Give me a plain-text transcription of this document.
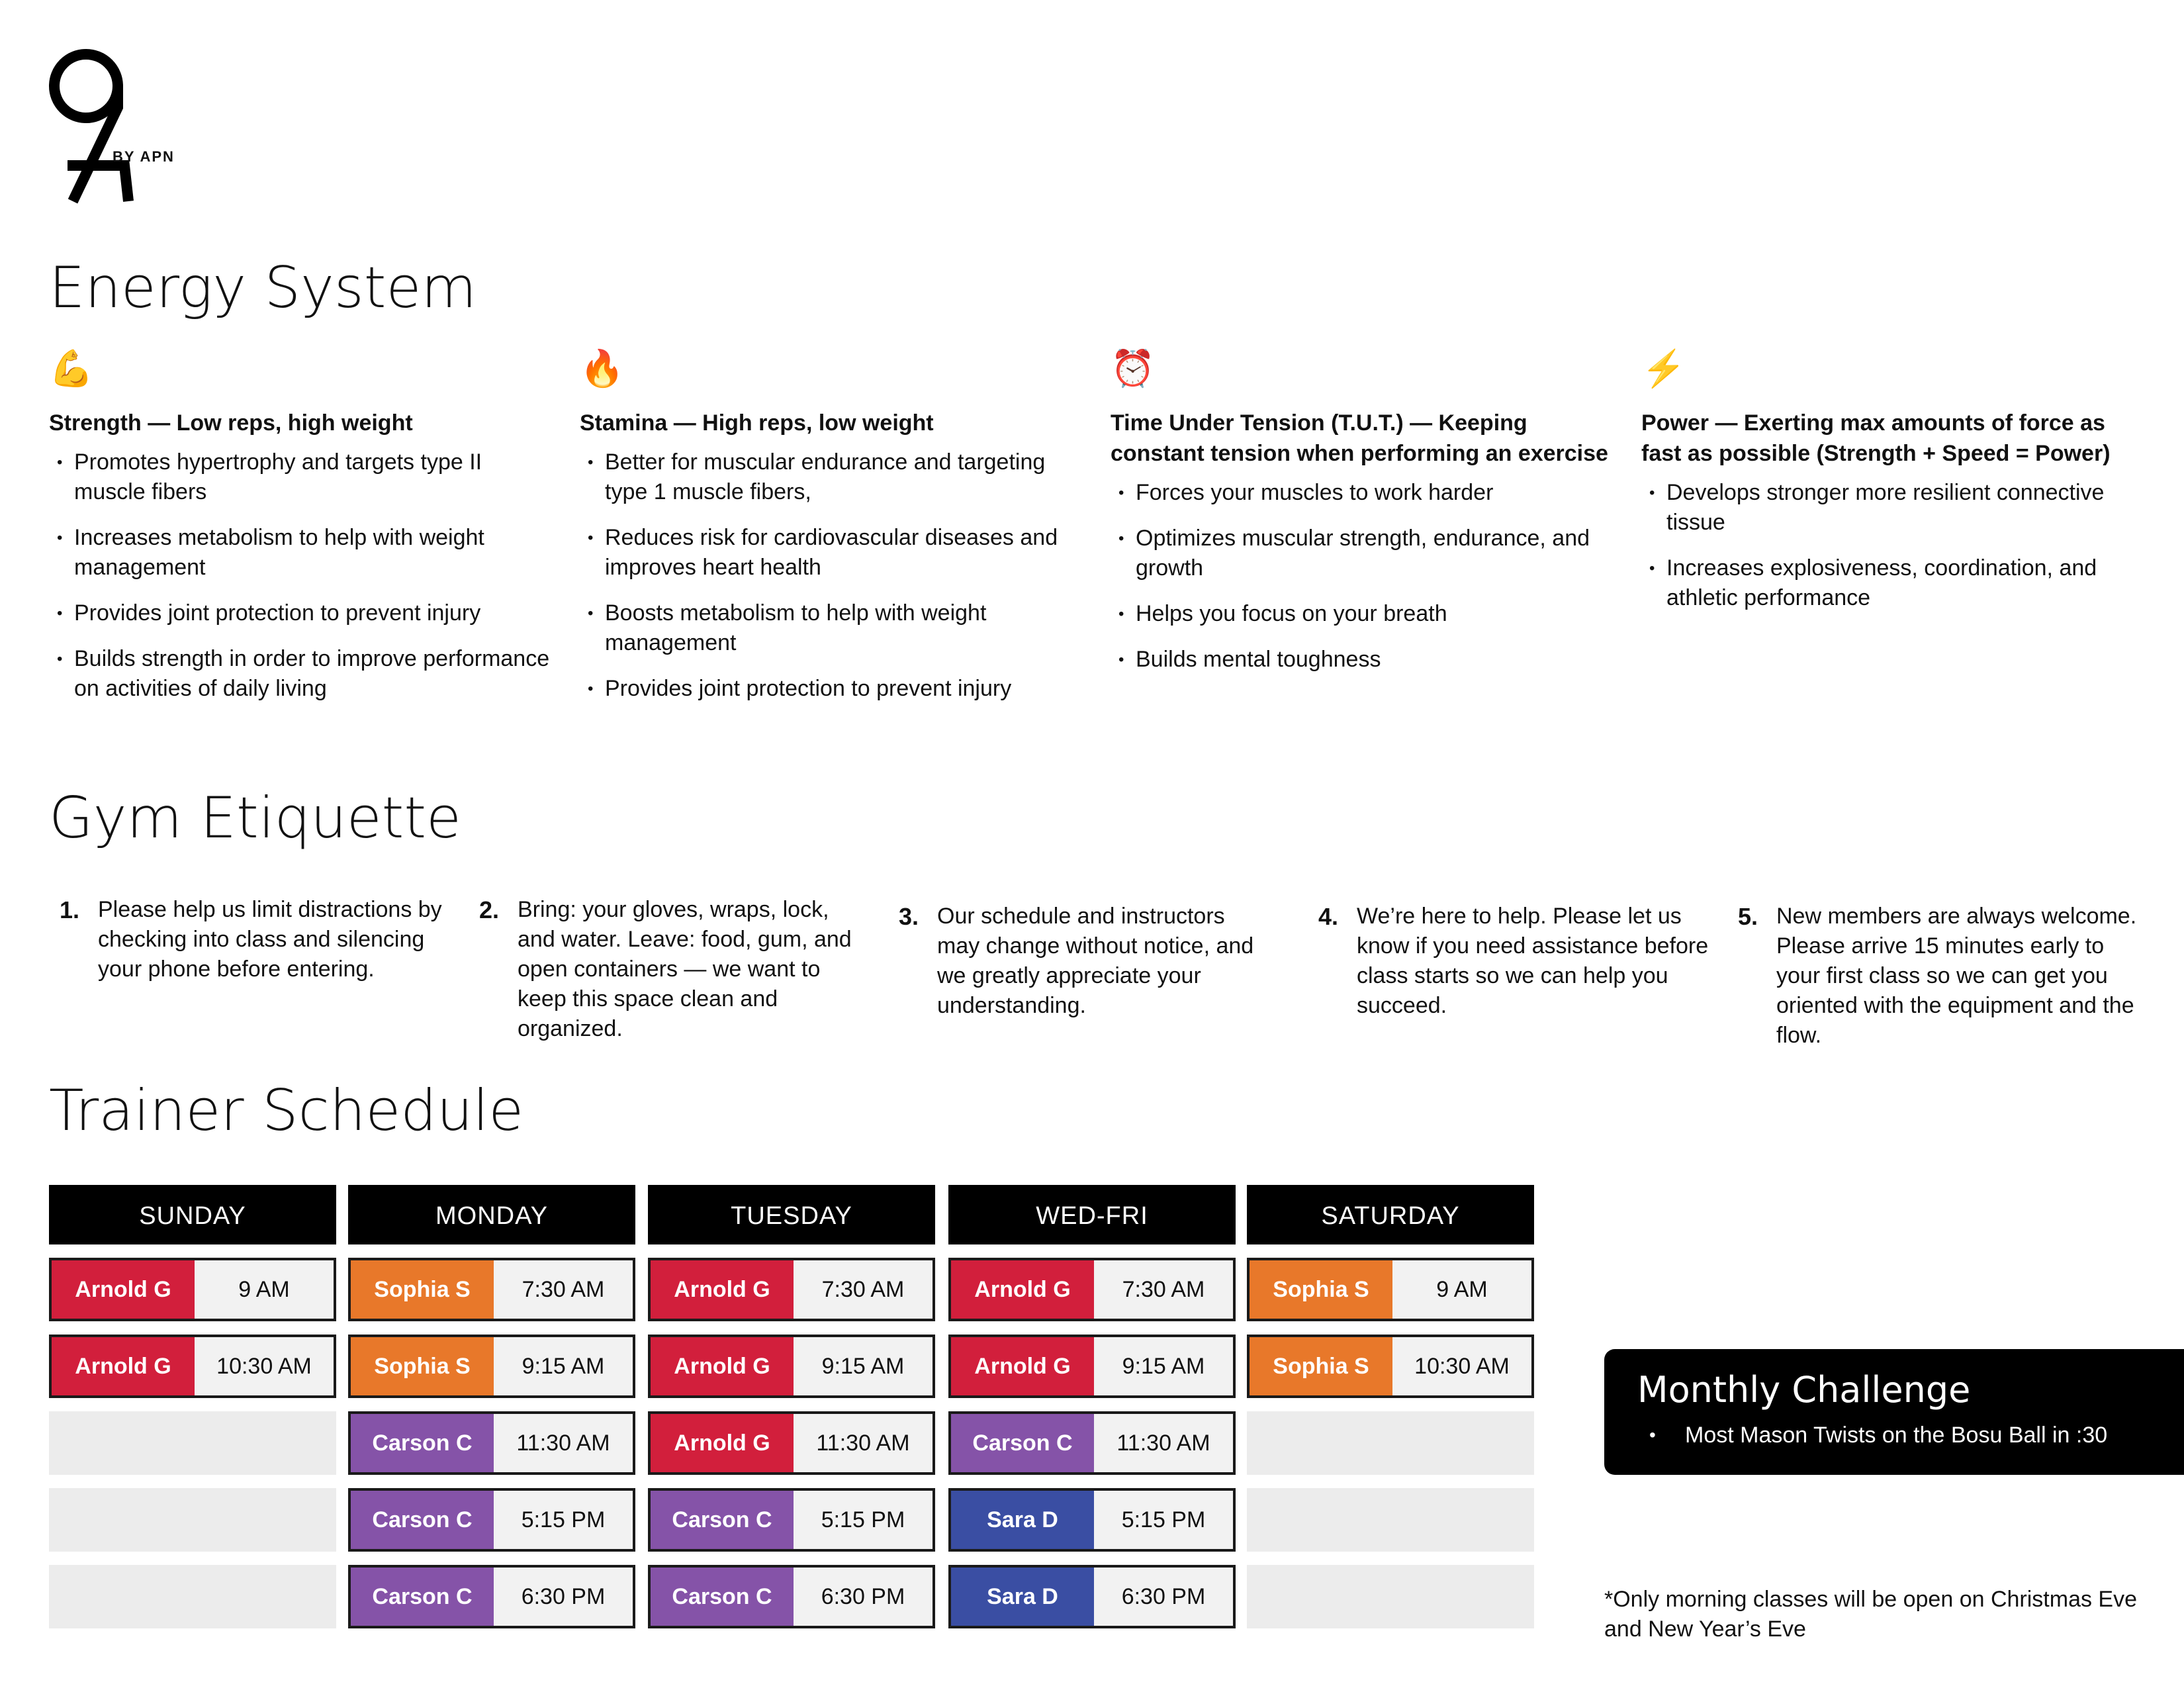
BY APN
Energy System
💪
Strength — Low reps, high weight
• Promotes hypertrophy and targets type II muscle fibers
• Increases metabolism to help with weight management
• Provides joint protection to prevent injury
• Builds strength in order to improve performance on activities of daily living
🔥
Stamina — High reps, low weight
• Better for muscular endurance and targeting type 1 muscle fibers,
• Reduces risk for cardiovascular diseases and improves heart health
• Boosts metabolism to help with weight management
• Provides joint protection to prevent injury
⏰
Time Under Tension (T.U.T.) — Keeping constant tension when performing an exercise
• Forces your muscles to work harder
• Optimizes muscular strength, endurance, and growth
• Helps you focus on your breath
• Builds mental toughness
⚡
Power — Exerting max amounts of force as fast as possible (Strength + Speed = Power)
• Develops stronger more resilient connective tissue
• Increases explosiveness, coordination, and athletic performance
Gym Etiquette
1. Please help us limit distractions by checking into class and silencing your phone before entering.
2. Bring: your gloves, wraps, lock, and water. Leave: food, gum, and open containers — we want to keep this space clean and organized.
3. Our schedule and instructors may change without notice, and we greatly appreciate your understanding.
4. We’re here to help. Please let us know if you need assistance before class starts so we can help you succeed.
5. New members are always welcome. Please arrive 15 minutes early to your first class so we can get you oriented with the equipment and the flow.
Trainer Schedule
SUNDAY
Arnold G	9 AM
Arnold G	10:30 AM
MONDAY
Sophia S	7:30 AM
Sophia S	9:15 AM
Carson C	11:30 AM
Carson C	5:15 PM
Carson C	6:30 PM
TUESDAY
Arnold G	7:30 AM
Arnold G	9:15 AM
Arnold G	11:30 AM
Carson C	5:15 PM
Carson C	6:30 PM
WED-FRI
Arnold G	7:30 AM
Arnold G	9:15 AM
Carson C	11:30 AM
Sara D	5:15 PM
Sara D	6:30 PM
SATURDAY
Sophia S	9 AM
Sophia S	10:30 AM
Monthly Challenge
• Most Mason Twists on the Bosu Ball in :30
*Only morning classes will be open on Christmas Eve and New Year’s Eve
